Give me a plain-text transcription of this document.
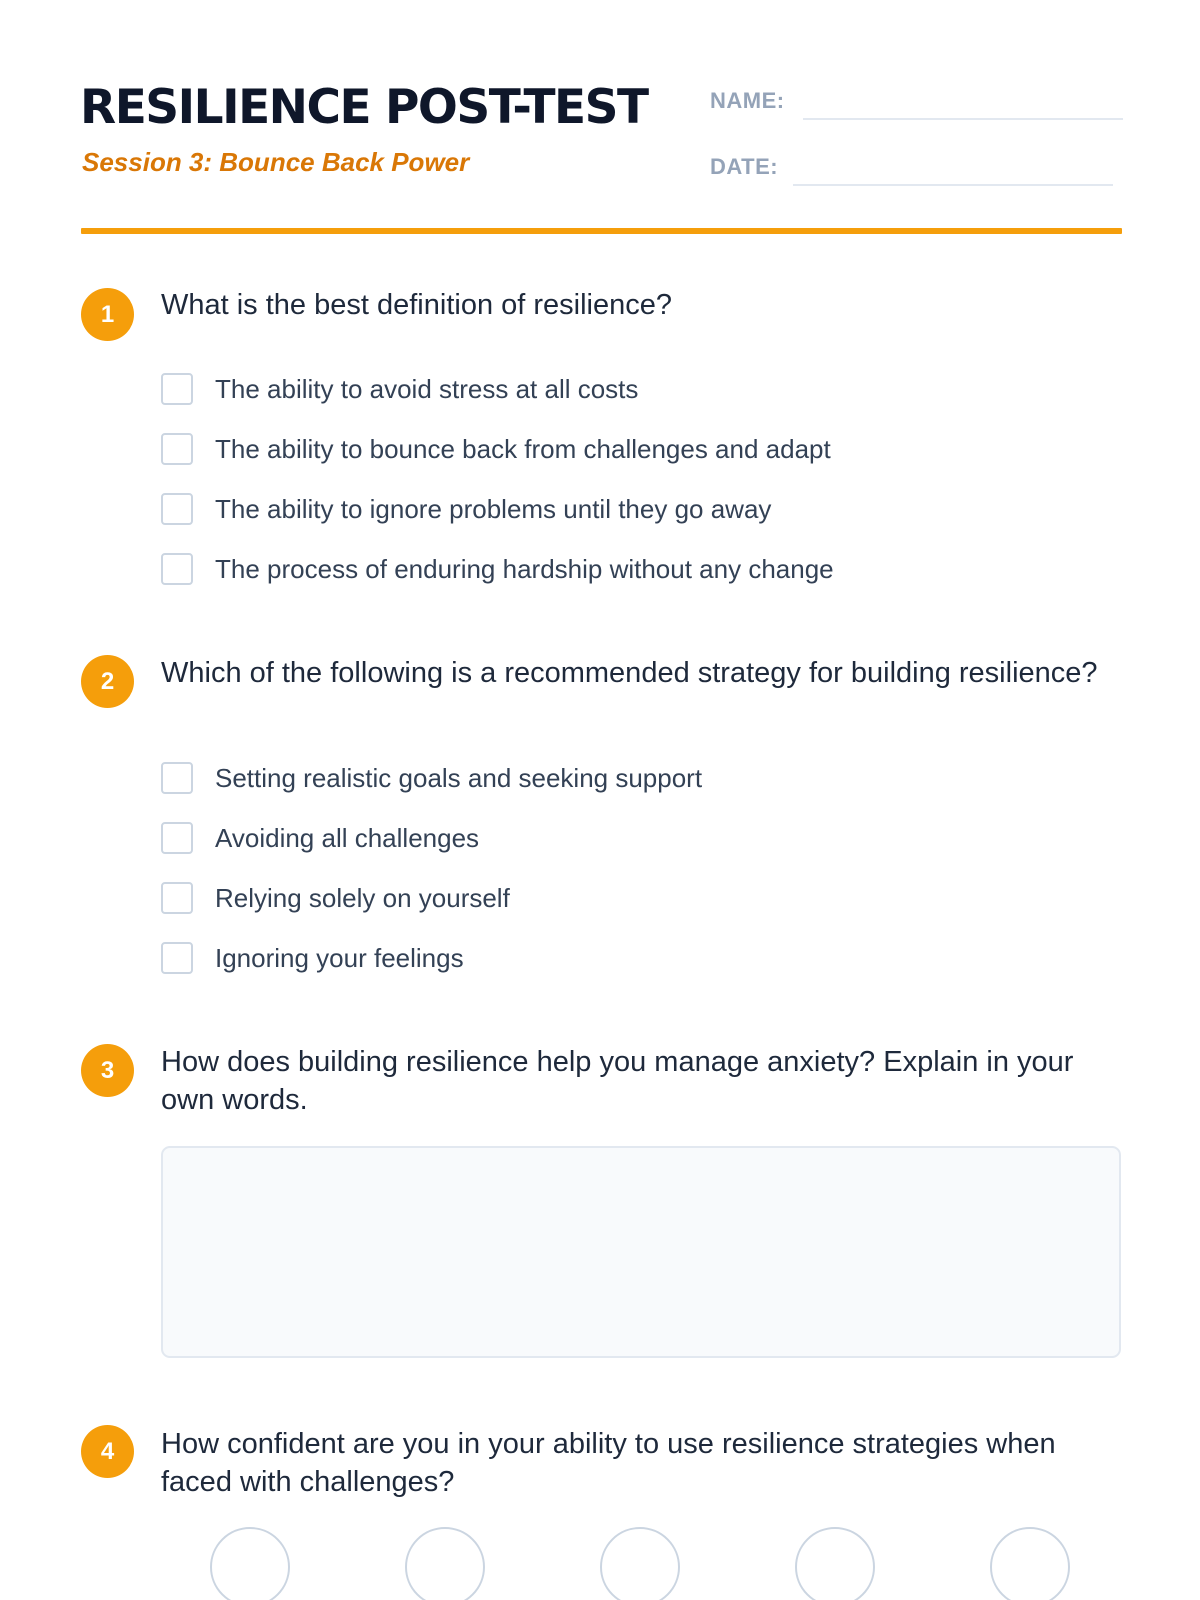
RESILIENCE POST-TEST
Session 3: Bounce Back Power
NAME:
DATE:
1	What is the best definition of resilience?
The ability to avoid stress at all costs
The ability to bounce back from challenges and adapt
The ability to ignore problems until they go away
The process of enduring hardship without any change
2	Which of the following is a recommended strategy for building resilience?
Setting realistic goals and seeking support
Avoiding all challenges
Relying solely on yourself
Ignoring your feelings
3	How does building resilience help you manage anxiety? Explain in your own words.
4	How confident are you in your ability to use resilience strategies when faced with challenges?
